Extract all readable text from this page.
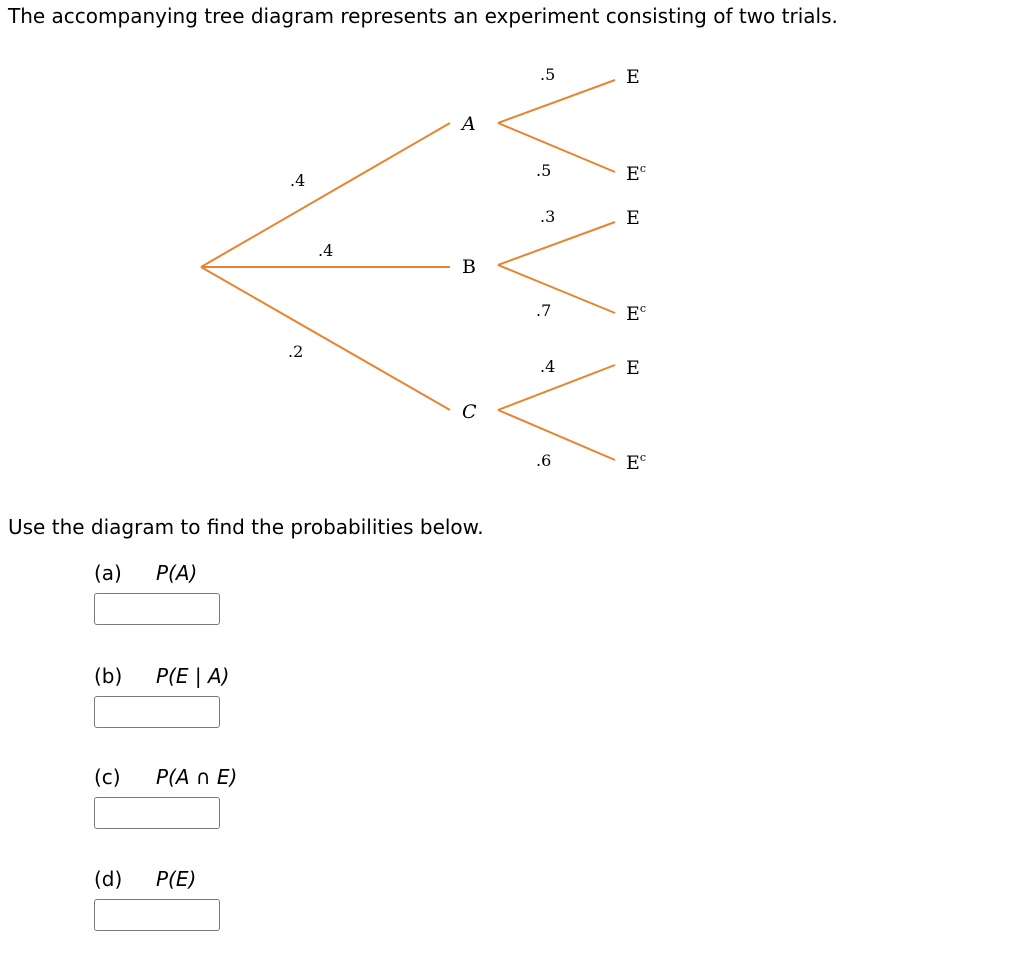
The accompanying tree diagram represents an experiment consisting of two trials.
.4
.4
.2
A
B
C
.5
.5
.3
.7
.4
.6
E
$E^c$
E
$E^c$
E
$E^c$

Use the diagram to find the probabilities below.

(a) P(A)
(b) P(E | A)
(c) P(A ∩ E)
(d) P(E)
